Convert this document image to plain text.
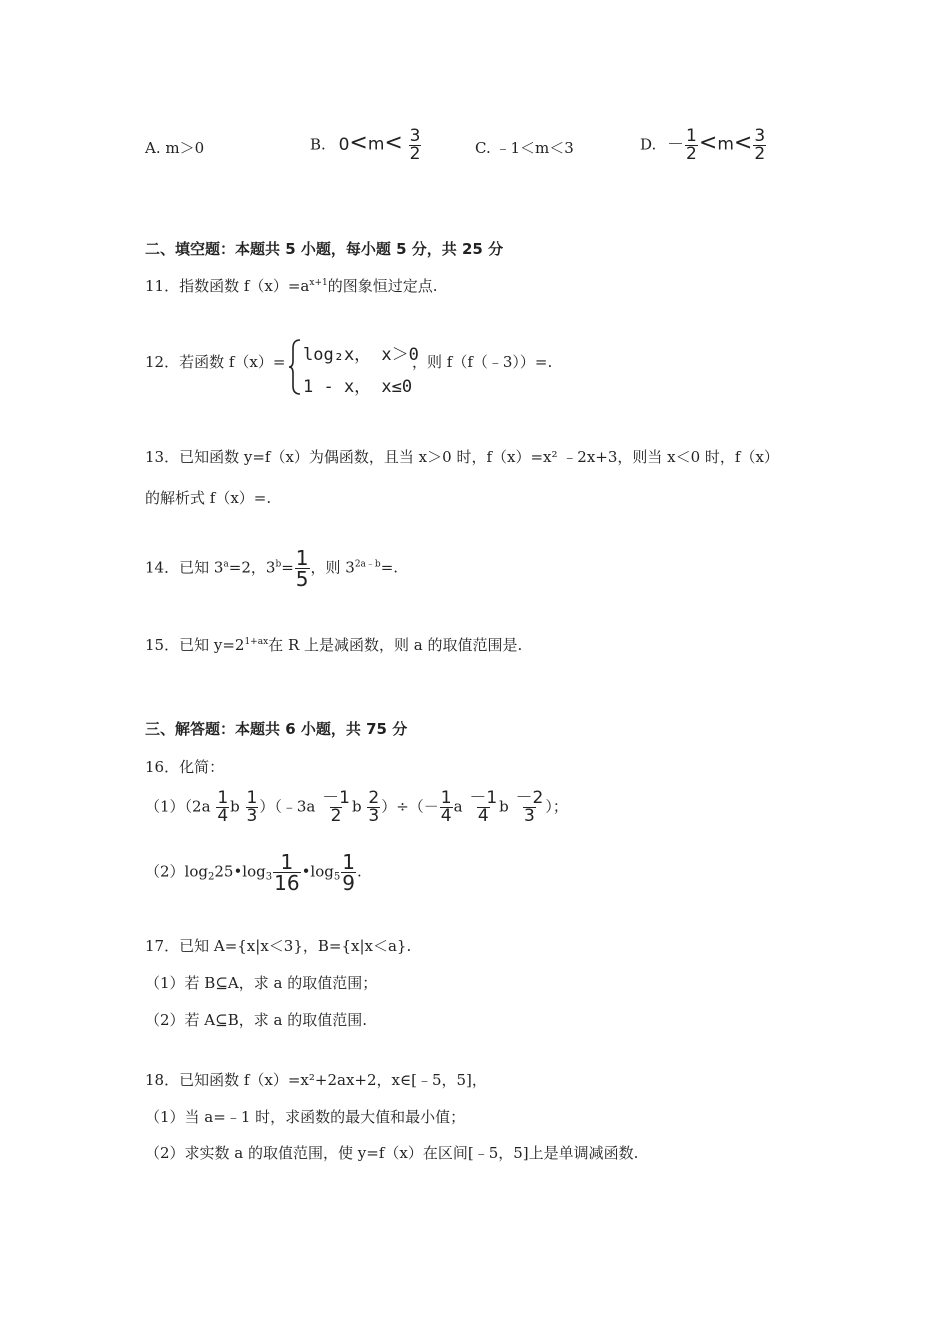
A. m＞0	B. $0<m< \frac{3}{2}$	C. ﹣1＜m＜3	D. － $\frac{1}{2} <m< \frac{3}{2}$
二、填空题：本题共 5 小题，每小题 5 分，共 25 分
11．指数函数 $f(x)=a^{x+1}$的图象恒过定点.
12．若函数 f（x）= log₂x， x＞0
1 - x， x≤0
，则 f（f（﹣3））=.
13．已知函数 y=f（x）为偶函数，且当 x＞0 时，f（x）=x² ﹣2x+3，则当 x＜0 时，f（x）
的解析式 f（x）=.
14．已知 $3^a=2$，$3^b= \frac{1}{5}$ ，则 $3^{2a﹣b}=$.
15．已知 $y=2^{1+ax}$在 R 上是减函数，则 a 的取值范围是.
三、解答题：本题共 6 小题，共 75 分
16．化简：
$(1)(2a \frac{1}{4}$ b $\frac{1}{3}$ ）（﹣3a $\frac{-1}{2}$ b $\frac{2}{3}$ ）÷（－ $\frac{1}{4}$ a $\frac{-1}{4}$ b $\frac{-2}{3}$ ）；
$(2)\log_225•\log_3 \frac{1}{16}$ $•\log_5 \frac{1}{9}$ .
17．已知 A={x|x＜3}，B={x|x＜a}.
（1）若 B⊆A，求 a 的取值范围；
（2）若 A⊆B，求 a 的取值范围.
18．已知函数 f（x）=x²+2ax+2，x∈[﹣5，5]，
（1）当 a=﹣1 时，求函数的最大值和最小值；
（2）求实数 a 的取值范围，使 y=f（x）在区间[﹣5，5]上是单调减函数.
